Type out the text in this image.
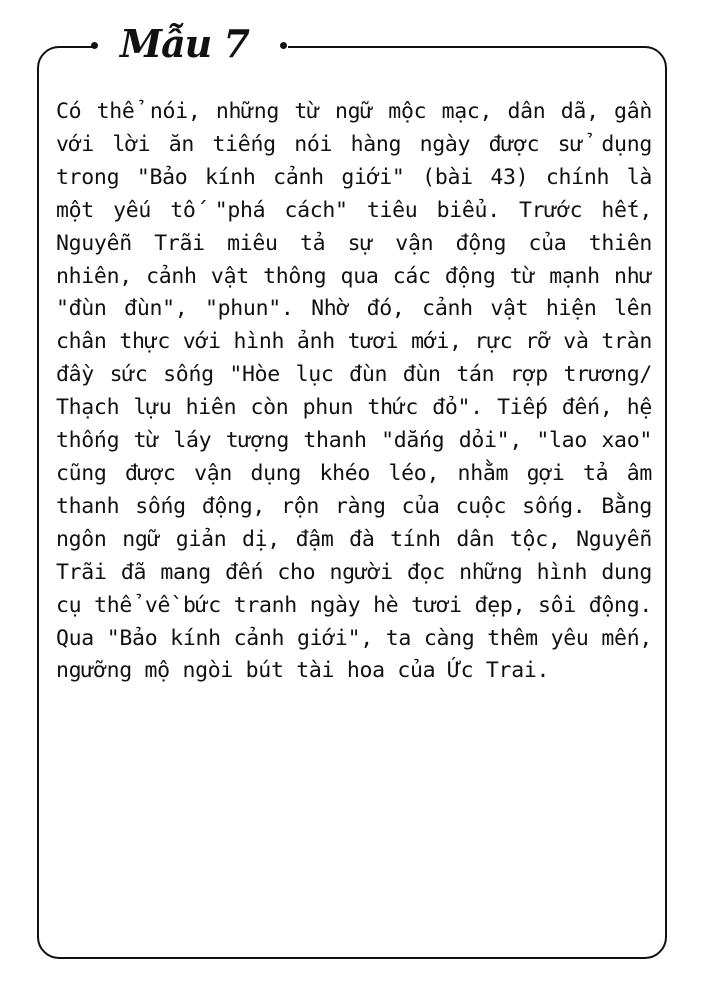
Mẫu 7

Có thể nói, những từ ngữ mộc mạc, dân dã, gần với lời ăn tiếng nói hàng ngày được sử dụng trong "Bảo kính cảnh giới" (bài 43) chính là một yếu tố "phá cách" tiêu biểu. Trước hết, Nguyễn Trãi miêu tả sự vận động của thiên nhiên, cảnh vật thông qua các động từ mạnh như "đùn đùn", "phun". Nhờ đó, cảnh vật hiện lên chân thực với hình ảnh tươi mới, rực rỡ và tràn đầy sức sống "Hòe lục đùn đùn tán rợp trương/ Thạch lựu hiên còn phun thức đỏ". Tiếp đến, hệ thống từ láy tượng thanh "dắng dỏi", "lao xao" cũng được vận dụng khéo léo, nhằm gợi tả âm thanh sống động, rộn ràng của cuộc sống. Bằng ngôn ngữ giản dị, đậm đà tính dân tộc, Nguyễn Trãi đã mang đến cho người đọc những hình dung cụ thể về bức tranh ngày hè tươi đẹp, sôi động. Qua "Bảo kính cảnh giới", ta càng thêm yêu mến, ngưỡng mộ ngòi bút tài hoa của Ức Trai.
